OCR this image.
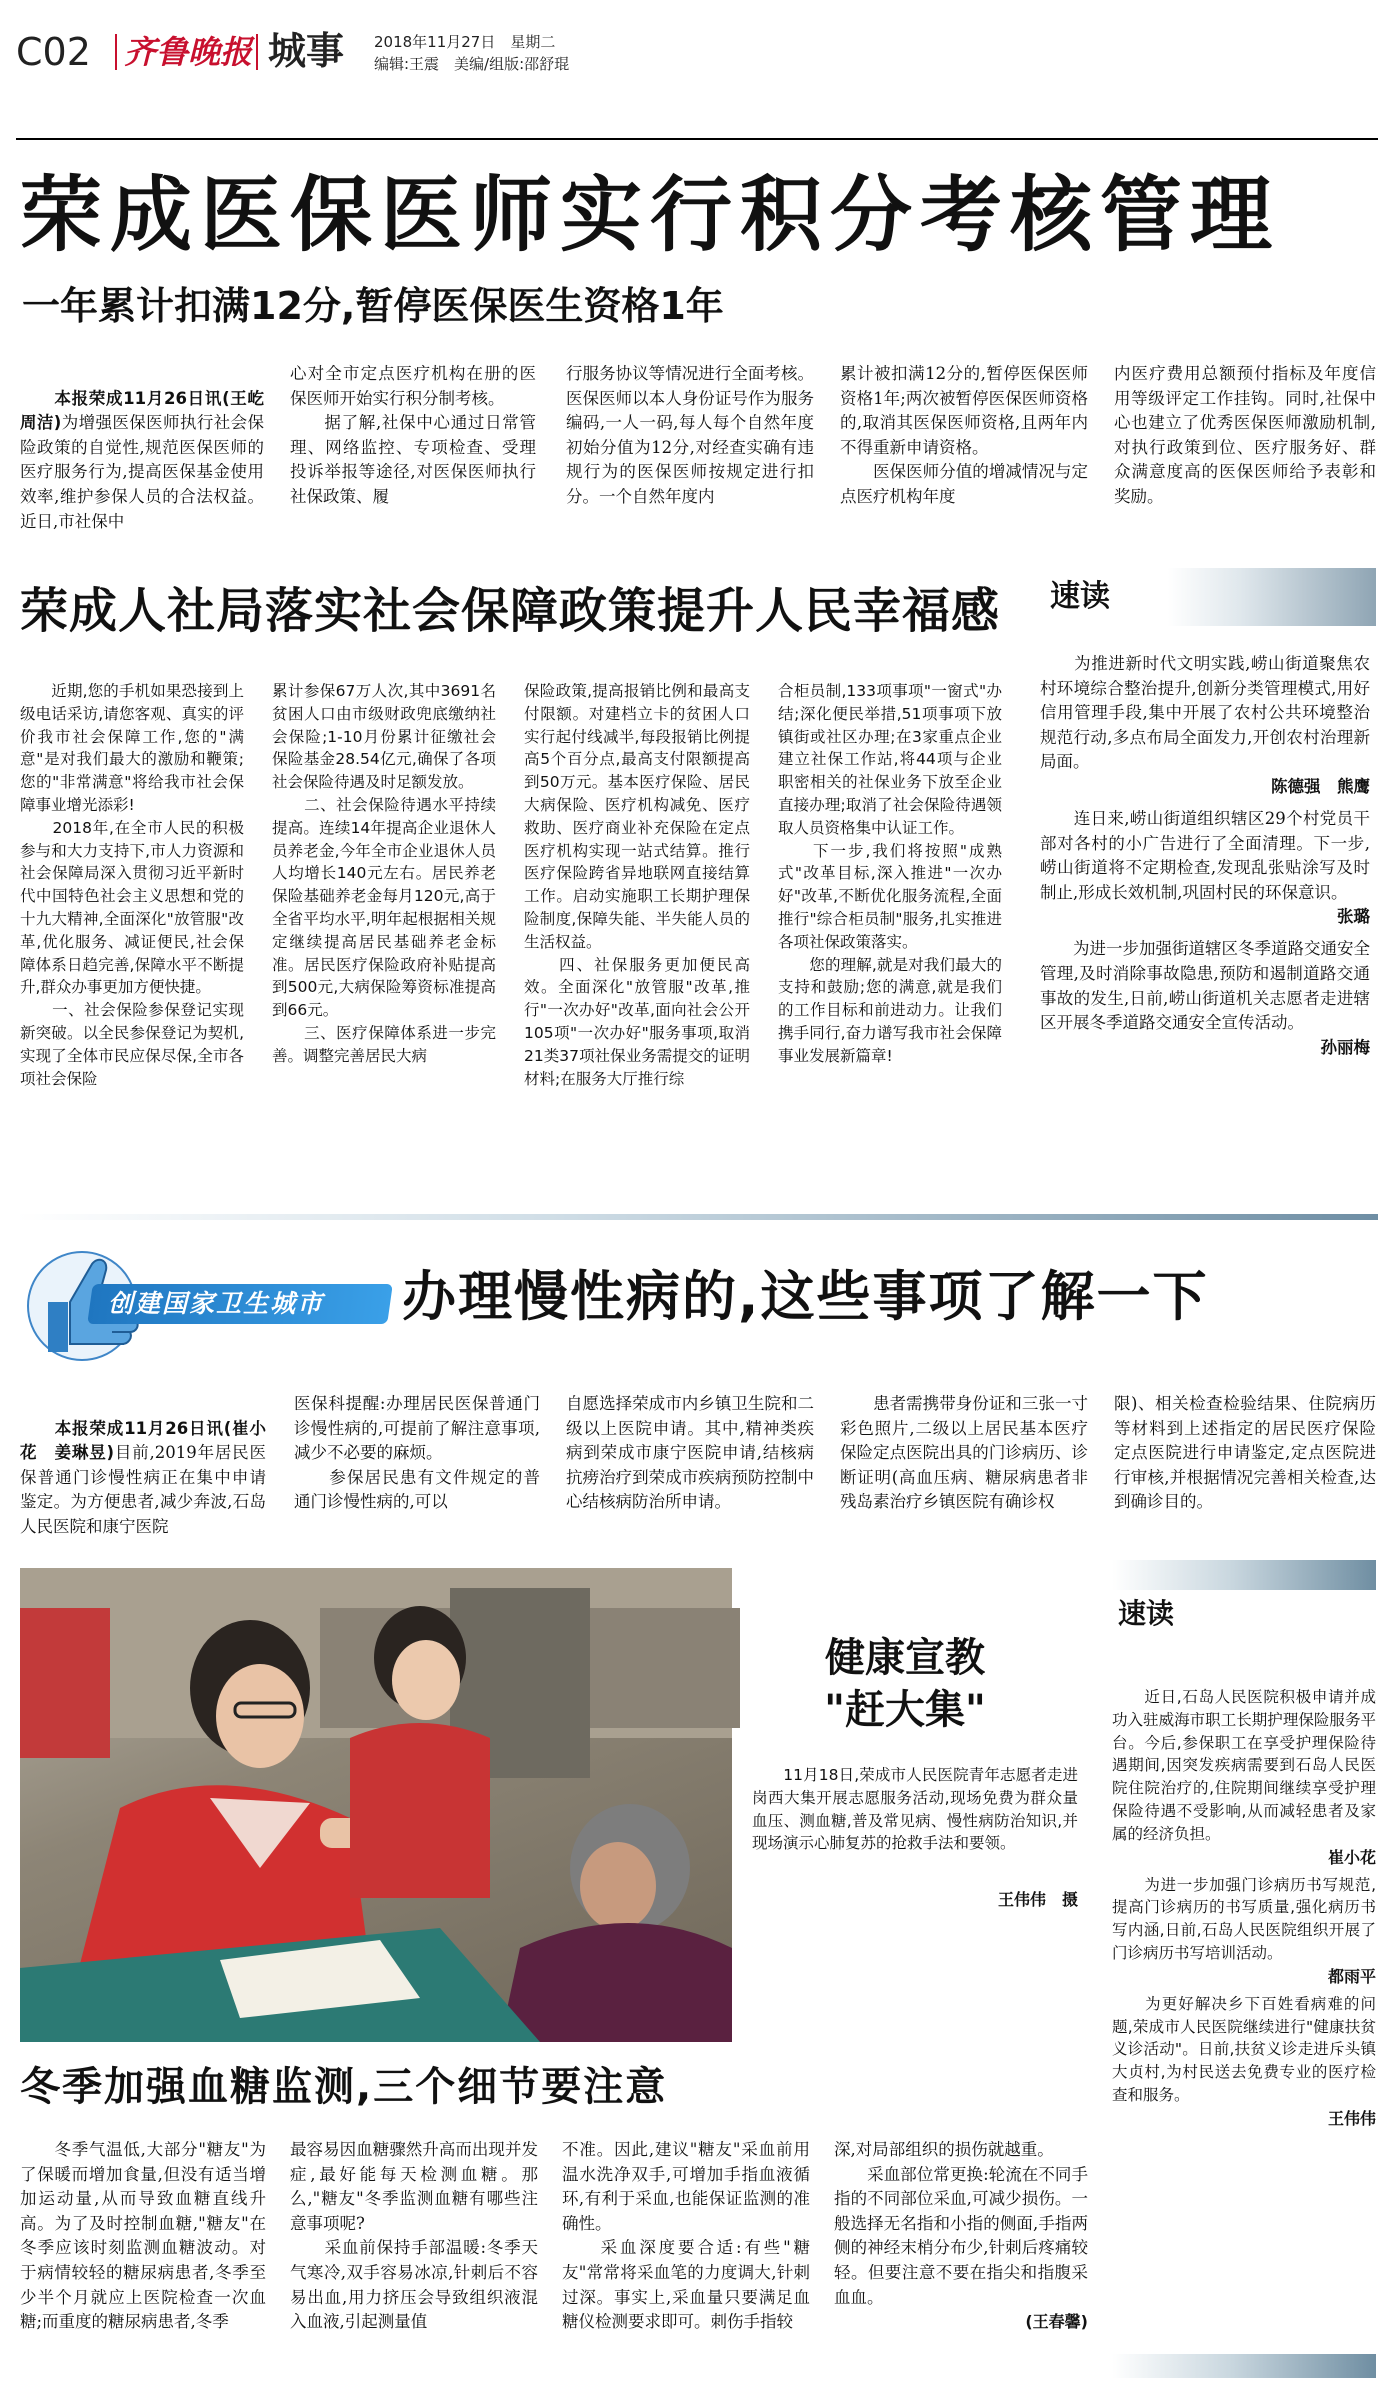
C02 齐鲁晚报 城事 2018年11月27日　 星期二
编辑:王震　美编/组版:邵舒琨
荣成医保医师实行积分考核管理
一年累计扣满12分,暂停医保医生资格1年

　　本报荣成11月26日讯(王屹　周洁)为增强医保医师执行社会保险政策的自觉性,规范医保医师的医疗服务行为,提高医保基金使用效率,维护参保人员的合法权益。近日,市社保中

心对全市定点医疗机构在册的医保医师开始实行积分制考核。
　　据了解,社保中心通过日常管理、网络监控、专项检查、受理投诉举报等途径,对医保医师执行社保政策、履
行服务协议等情况进行全面考核。医保医师以本人身份证号作为服务编码,一人一码,每人每个自然年度初始分值为12分,对经查实确有违规行为的医保医师按规定进行扣分。一个自然年度内
累计被扣满12分的,暂停医保医师资格1年;两次被暂停医保医师资格的,取消其医保医师资格,且两年内不得重新申请资格。
　　医保医师分值的增减情况与定点医疗机构年度
内医疗费用总额预付指标及年度信用等级评定工作挂钩。同时,社保中心也建立了优秀医保医师激励机制,对执行政策到位、医疗服务好、群众满意度高的医保医师给予表彰和奖励。
荣成人社局落实社会保障政策提升人民幸福感
　　近期,您的手机如果恐接到上级电话采访,请您客观、真实的评价我市社会保障工作,您的"满意"是对我们最大的激励和鞭策;您的"非常满意"将给我市社会保障事业增光添彩!
　　2018年,在全市人民的积极参与和大力支持下,市人力资源和社会保障局深入贯彻习近平新时代中国特色社会主义思想和党的十九大精神,全面深化"放管服"改革,优化服务、减证便民,社会保障体系日趋完善,保障水平不断提升,群众办事更加方便快捷。
　　一、社会保险参保登记实现新突破。以全民参保登记为契机,实现了全体市民应保尽保,全市各项社会保险
累计参保67万人次,其中3691名贫困人口由市级财政兜底缴纳社会保险;1-10月份累计征缴社会保险基金28.54亿元,确保了各项社会保险待遇及时足额发放。
　　二、社会保险待遇水平持续提高。连续14年提高企业退休人员养老金,今年全市企业退休人员人均增长140元左右。居民养老保险基础养老金每月120元,高于全省平均水平,明年起根据相关规定继续提高居民基础养老金标准。居民医疗保险政府补贴提高到500元,大病保险筹资标准提高到66元。
　　三、医疗保障体系进一步完善。调整完善居民大病
保险政策,提高报销比例和最高支付限额。对建档立卡的贫困人口实行起付线减半,每段报销比例提高5个百分点,最高支付限额提高到50万元。基本医疗保险、居民大病保险、医疗机构减免、医疗救助、医疗商业补充保险在定点医疗机构实现一站式结算。推行医疗保险跨省异地联网直接结算工作。启动实施职工长期护理保险制度,保障失能、半失能人员的生活权益。
　　四、社保服务更加便民高效。全面深化"放管服"改革,推行"一次办好"改革,面向社会公开105项"一次办好"服务事项,取消21类37项社保业务需提交的证明材料;在服务大厅推行综
合柜员制,133项事项"一窗式"办结;深化便民举措,51项事项下放镇街或社区办理;在3家重点企业建立社保工作站,将44项与企业职密相关的社保业务下放至企业直接办理;取消了社会保险待遇领取人员资格集中认证工作。
　　下一步,我们将按照"成熟式"改革目标,深入推进"一次办好"改革,不断优化服务流程,全面推行"综合柜员制"服务,扎实推进各项社保政策落实。
　　您的理解,就是对我们最大的支持和鼓励;您的满意,就是我们的工作目标和前进动力。让我们携手同行,奋力谱写我市社会保障事业发展新篇章!
速读
　　为推进新时代文明实践,崂山街道聚焦农村环境综合整治提升,创新分类管理模式,用好信用管理手段,集中开展了农村公共环境整治规范行动,多点布局全面发力,开创农村治理新局面。
陈德强　熊鹰
　　连日来,崂山街道组织辖区29个村党员干部对各村的小广告进行了全面清理。下一步,崂山街道将不定期检查,发现乱张贴涂写及时制止,形成长效机制,巩固村民的环保意识。
张璐
　　为进一步加强街道辖区冬季道路交通安全管理,及时消除事故隐患,预防和遏制道路交通事故的发生,日前,崂山街道机关志愿者走进辖区开展冬季道路交通安全宣传活动。
孙丽梅
创建国家卫生城市 办理慢性病的,这些事项了解一下

　　本报荣成11月26日讯(崔小花　姜琳昱)目前,2019年居民医保普通门诊慢性病正在集中申请鉴定。为方便患者,减少奔波,石岛人民医院和康宁医院

医保科提醒:办理居民医保普通门诊慢性病的,可提前了解注意事项,减少不必要的麻烦。
　　参保居民患有文件规定的普通门诊慢性病的,可以
自愿选择荣成市内乡镇卫生院和二级以上医院申请。其中,精神类疾病到荣成市康宁医院申请,结核病抗痨治疗到荣成市疾病预防控制中心结核病防治所申请。
　　患者需携带身份证和三张一寸彩色照片,二级以上居民基本医疗保险定点医院出具的门诊病历、诊断证明(高血压病、糖尿病患者非残岛素治疗乡镇医院有确诊权
限)、相关检查检验结果、住院病历等材料到上述指定的居民医疗保险定点医院进行申请鉴定,定点医院进行审核,并根据情况完善相关检查,达到确诊目的。
健康宣教
"赶大集"
　　11月18日,荣成市人民医院青年志愿者走进岗西大集开展志愿服务活动,现场免费为群众量血压、测血糖,普及常见病、慢性病防治知识,并现场演示心肺复苏的抢救手法和要领。
王伟伟　摄
速读
　　近日,石岛人民医院积极申请并成功入驻威海市职工长期护理保险服务平台。今后,参保职工在享受护理保险待遇期间,因突发疾病需要到石岛人民医院住院治疗的,住院期间继续享受护理保险待遇不受影响,从而减轻患者及家属的经济负担。
崔小花
　　为进一步加强门诊病历书写规范,提高门诊病历的书写质量,强化病历书写内涵,日前,石岛人民医院组织开展了门诊病历书写培训活动。
都雨平
　　为更好解决乡下百姓看病难的问题,荣成市人民医院继续进行"健康扶贫义诊活动"。日前,扶贫义诊走进斥头镇大贞村,为村民送去免费专业的医疗检查和服务。
王伟伟
冬季加强血糖监测,三个细节要注意
　　冬季气温低,大部分"糖友"为了保暖而增加食量,但没有适当增加运动量,从而导致血糖直线升高。为了及时控制血糖,"糖友"在冬季应该时刻监测血糖波动。对于病情较轻的糖尿病患者,冬季至少半个月就应上医院检查一次血糖;而重度的糖尿病患者,冬季
最容易因血糖骤然升高而出现并发症,最好能每天检测血糖。那么,"糖友"冬季监测血糖有哪些注意事项呢?
　　采血前保持手部温暖:冬季天气寒冷,双手容易冰凉,针刺后不容易出血,用力挤压会导致组织液混入血液,引起测量值
不准。因此,建议"糖友"采血前用温水洗净双手,可增加手指血液循环,有利于采血,也能保证监测的准确性。
　　采血深度要合适:有些"糖友"常常将采血笔的力度调大,针刺过深。事实上,采血量只要满足血糖仪检测要求即可。刺伤手指较
深,对局部组织的损伤就越重。
　　采血部位常更换:轮流在不同手指的不同部位采血,可减少损伤。一般选择无名指和小指的侧面,手指两侧的神经末梢分布少,针刺后疼痛较轻。但要注意不要在指尖和指腹采血血。
(王春馨)
